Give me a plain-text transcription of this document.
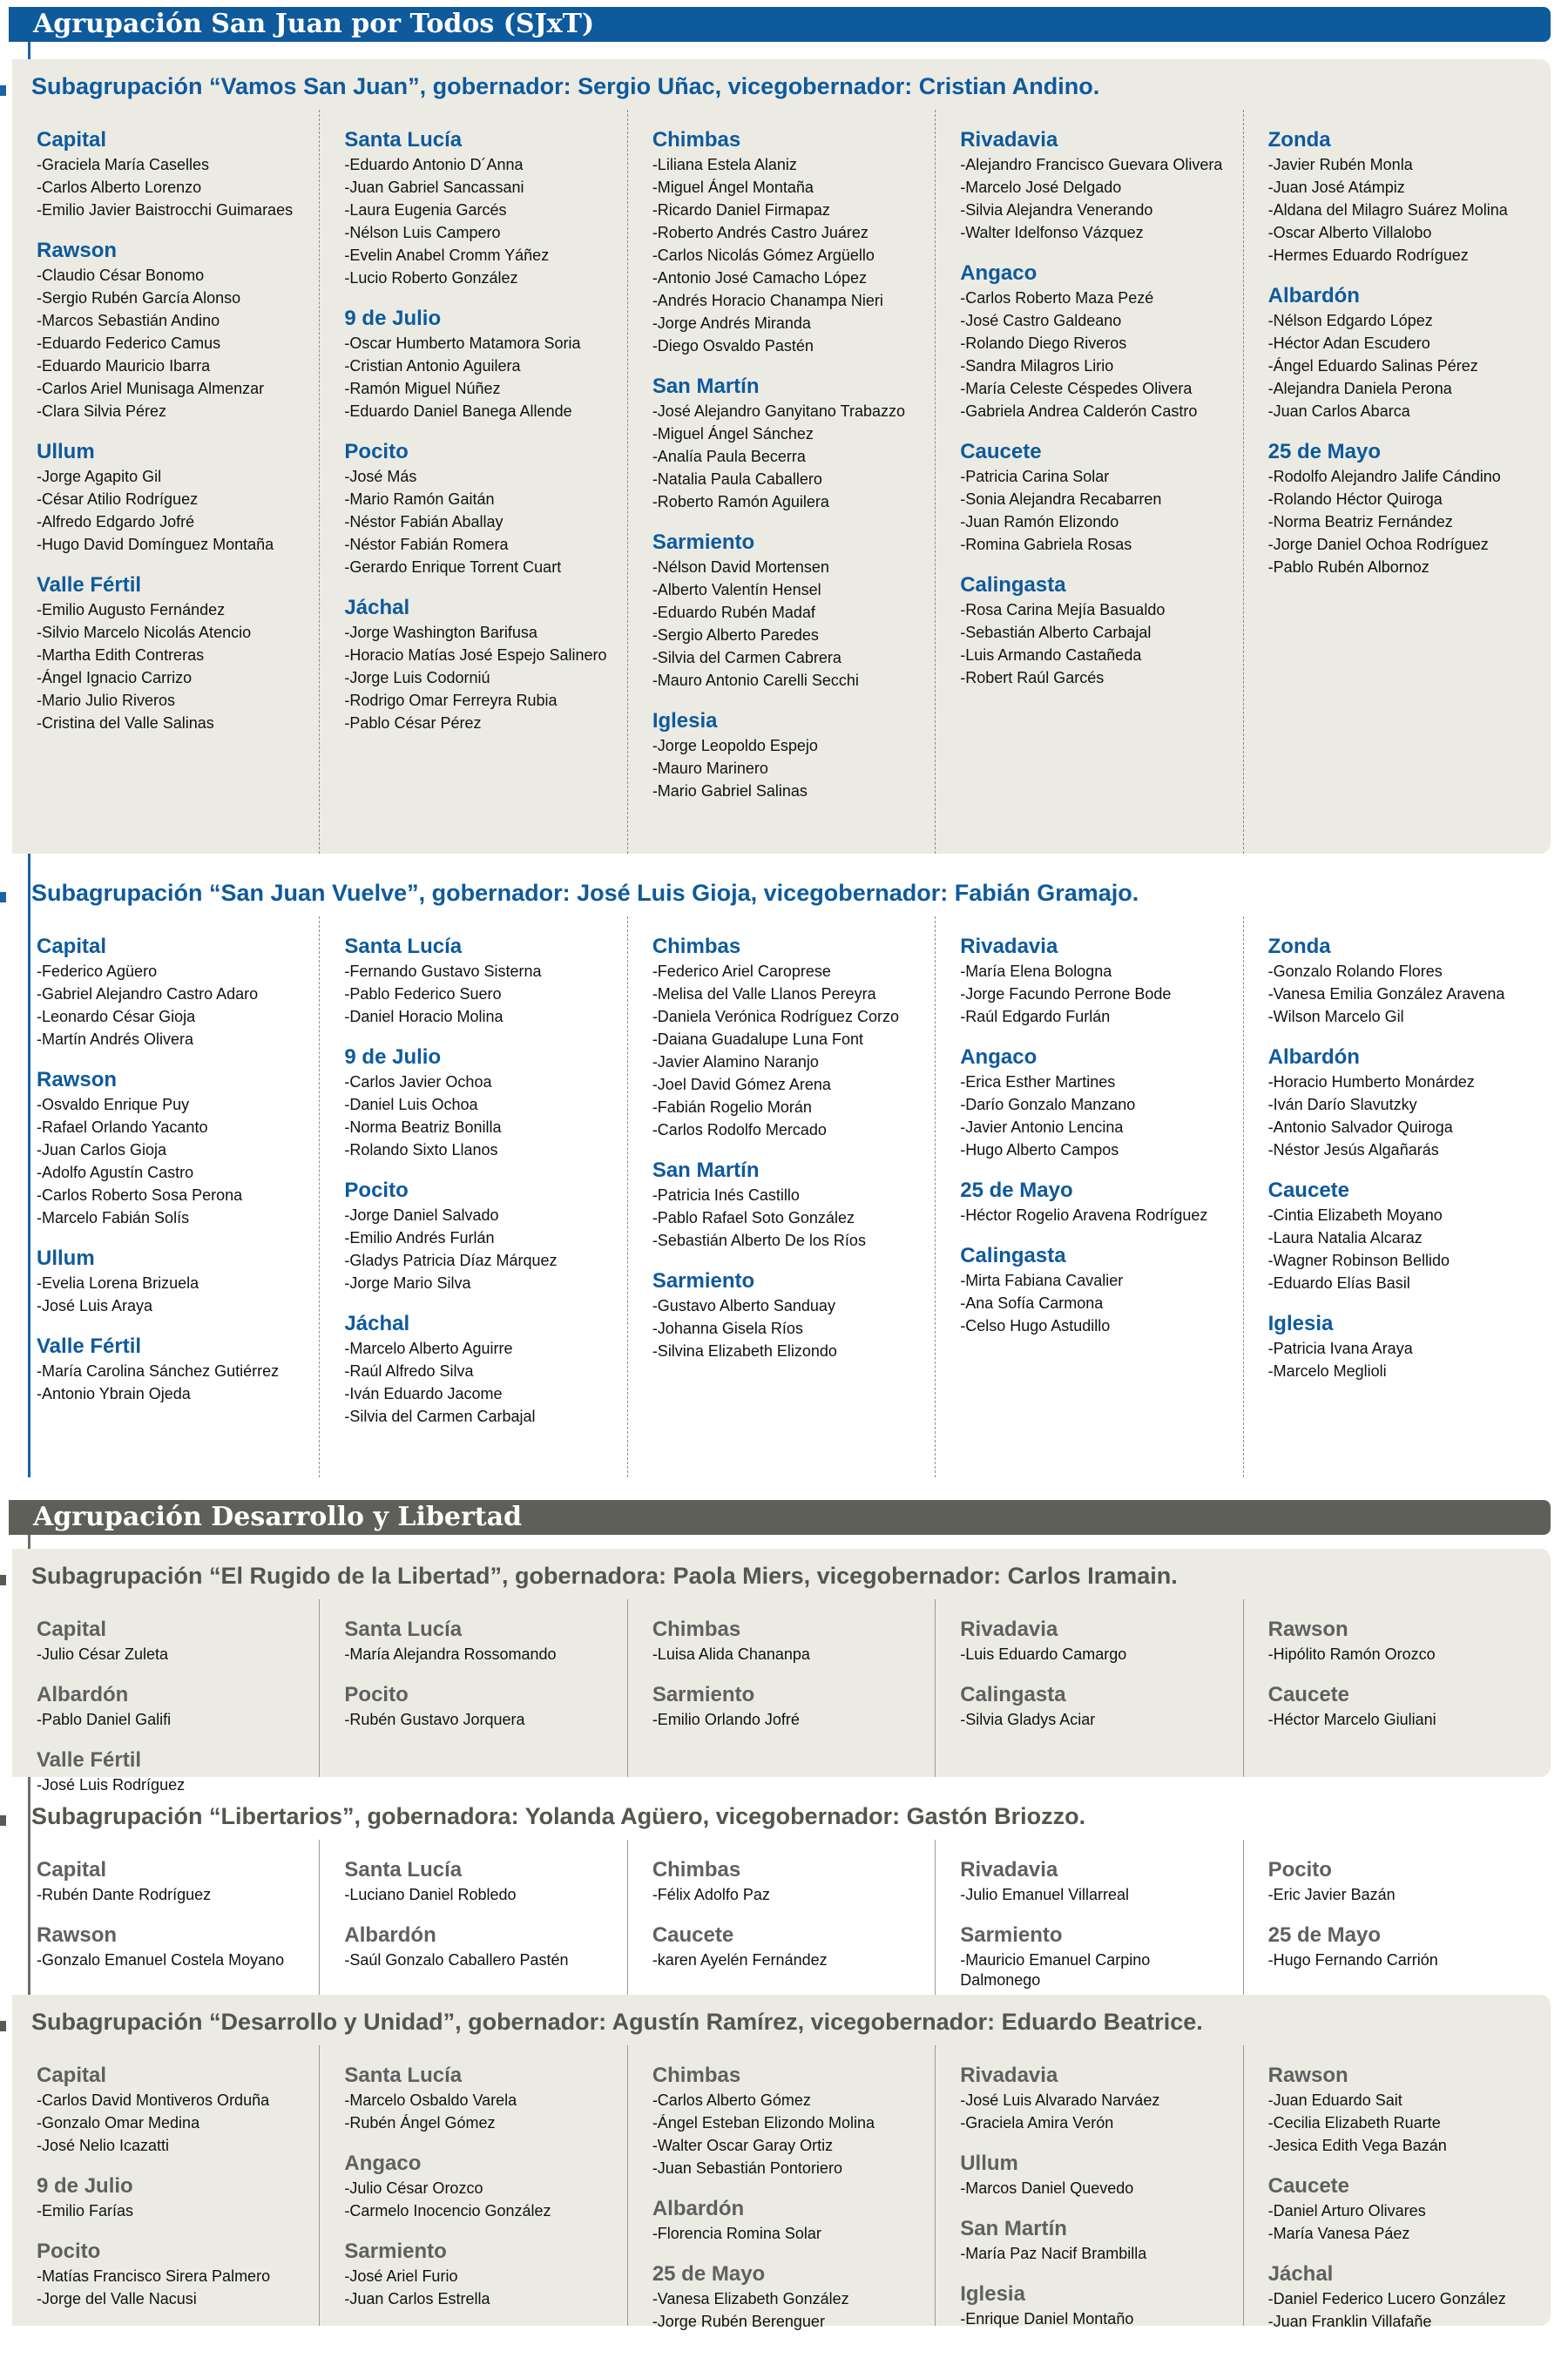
Agrupación San Juan por Todos (SJxT)
Subagrupación “Vamos San Juan”, gobernador: Sergio Uñac, vicegobernador: Cristian Andino.
Capital
-Graciela María Caselles
-Carlos Alberto Lorenzo
-Emilio Javier Baistrocchi Guimaraes
Rawson
-Claudio César Bonomo
-Sergio Rubén García Alonso
-Marcos Sebastián Andino
-Eduardo Federico Camus
-Eduardo Mauricio Ibarra
-Carlos Ariel Munisaga Almenzar
-Clara Silvia Pérez
Ullum
-Jorge Agapito Gil
-César Atilio Rodríguez
-Alfredo Edgardo Jofré
-Hugo David Domínguez Montaña
Valle Fértil
-Emilio Augusto Fernández
-Silvio Marcelo Nicolás Atencio
-Martha Edith Contreras
-Ángel Ignacio Carrizo
-Mario Julio Riveros
-Cristina del Valle Salinas
Santa Lucía
-Eduardo Antonio D´Anna
-Juan Gabriel Sancassani
-Laura Eugenia Garcés
-Nélson Luis Campero
-Evelin Anabel Cromm Yáñez
-Lucio Roberto González
9 de Julio
-Oscar Humberto Matamora Soria
-Cristian Antonio Aguilera
-Ramón Miguel Núñez
-Eduardo Daniel Banega Allende
Pocito
-José Más
-Mario Ramón Gaitán
-Néstor Fabián Aballay
-Néstor Fabián Romera
-Gerardo Enrique Torrent Cuart
Jáchal
-Jorge Washington Barifusa
-Horacio Matías José Espejo Salinero
-Jorge Luis Codorniú
-Rodrigo Omar Ferreyra Rubia
-Pablo César Pérez
Chimbas
-Liliana Estela Alaniz
-Miguel Ángel Montaña
-Ricardo Daniel Firmapaz
-Roberto Andrés Castro Juárez
-Carlos Nicolás Gómez Argüello
-Antonio José Camacho López
-Andrés Horacio Chanampa Nieri
-Jorge Andrés Miranda
-Diego Osvaldo Pastén
San Martín
-José Alejandro Ganyitano Trabazzo
-Miguel Ángel Sánchez
-Analía Paula Becerra
-Natalia Paula Caballero
-Roberto Ramón Aguilera
Sarmiento
-Nélson David Mortensen
-Alberto Valentín Hensel
-Eduardo Rubén Madaf
-Sergio Alberto Paredes
-Silvia del Carmen Cabrera
-Mauro Antonio Carelli Secchi
Iglesia
-Jorge Leopoldo Espejo
-Mauro Marinero
-Mario Gabriel Salinas
Rivadavia
-Alejandro Francisco Guevara Olivera
-Marcelo José Delgado
-Silvia Alejandra Venerando
-Walter Idelfonso Vázquez
Angaco
-Carlos Roberto Maza Pezé
-José Castro Galdeano
-Rolando Diego Riveros
-Sandra Milagros Lirio
-María Celeste Céspedes Olivera
-Gabriela Andrea Calderón Castro
Caucete
-Patricia Carina Solar
-Sonia Alejandra Recabarren
-Juan Ramón Elizondo
-Romina Gabriela Rosas
Calingasta
-Rosa Carina Mejía Basualdo
-Sebastián Alberto Carbajal
-Luis Armando Castañeda
-Robert Raúl Garcés
Zonda
-Javier Rubén Monla
-Juan José Atámpiz
-Aldana del Milagro Suárez Molina
-Oscar Alberto Villalobo
-Hermes Eduardo Rodríguez
Albardón
-Nélson Edgardo López
-Héctor Adan Escudero
-Ángel Eduardo Salinas Pérez
-Alejandra Daniela Perona
-Juan Carlos Abarca
25 de Mayo
-Rodolfo Alejandro Jalife Cándino
-Rolando Héctor Quiroga
-Norma Beatriz Fernández
-Jorge Daniel Ochoa Rodríguez
-Pablo Rubén Albornoz
Subagrupación “San Juan Vuelve”, gobernador: José Luis Gioja, vicegobernador: Fabián Gramajo.
Capital
-Federico Agüero
-Gabriel Alejandro Castro Adaro
-Leonardo César Gioja
-Martín Andrés Olivera
Rawson
-Osvaldo Enrique Puy
-Rafael Orlando Yacanto
-Juan Carlos Gioja
-Adolfo Agustín Castro
-Carlos Roberto Sosa Perona
-Marcelo Fabián Solís
Ullum
-Evelia Lorena Brizuela
-José Luis Araya
Valle Fértil
-María Carolina Sánchez Gutiérrez
-Antonio Ybrain Ojeda
Santa Lucía
-Fernando Gustavo Sisterna
-Pablo Federico Suero
-Daniel Horacio Molina
9 de Julio
-Carlos Javier Ochoa
-Daniel Luis Ochoa
-Norma Beatriz Bonilla
-Rolando Sixto Llanos
Pocito
-Jorge Daniel Salvado
-Emilio Andrés Furlán
-Gladys Patricia Díaz Márquez
-Jorge Mario Silva
Jáchal
-Marcelo Alberto Aguirre
-Raúl Alfredo Silva
-Iván Eduardo Jacome
-Silvia del Carmen Carbajal
Chimbas
-Federico Ariel Caroprese
-Melisa del Valle Llanos Pereyra
-Daniela Verónica Rodríguez Corzo
-Daiana Guadalupe Luna Font
-Javier Alamino Naranjo
-Joel David Gómez Arena
-Fabián Rogelio Morán
-Carlos Rodolfo Mercado
San Martín
-Patricia Inés Castillo
-Pablo Rafael Soto González
-Sebastián Alberto De los Ríos
Sarmiento
-Gustavo Alberto Sanduay
-Johanna Gisela Ríos
-Silvina Elizabeth Elizondo
Rivadavia
-María Elena Bologna
-Jorge Facundo Perrone Bode
-Raúl Edgardo Furlán
Angaco
-Erica Esther Martines
-Darío Gonzalo Manzano
-Javier Antonio Lencina
-Hugo Alberto Campos
25 de Mayo
-Héctor Rogelio Aravena Rodríguez
Calingasta
-Mirta Fabiana Cavalier
-Ana Sofía Carmona
-Celso Hugo Astudillo
Zonda
-Gonzalo Rolando Flores
-Vanesa Emilia González Aravena
-Wilson Marcelo Gil
Albardón
-Horacio Humberto Monárdez
-Iván Darío Slavutzky
-Antonio Salvador Quiroga
-Néstor Jesús Algañarás
Caucete
-Cintia Elizabeth Moyano
-Laura Natalia Alcaraz
-Wagner Robinson Bellido
-Eduardo Elías Basil
Iglesia
-Patricia Ivana Araya
-Marcelo Meglioli
Agrupación Desarrollo y Libertad
Subagrupación “El Rugido de la Libertad”, gobernadora: Paola Miers, vicegobernador: Carlos Iramain.
Capital
-Julio César Zuleta
Albardón
-Pablo Daniel Galifi
Valle Fértil
-José Luis Rodríguez
Santa Lucía
-María Alejandra Rossomando
Pocito
-Rubén Gustavo Jorquera
Chimbas
-Luisa Alida Chananpa
Sarmiento
-Emilio Orlando Jofré
Rivadavia
-Luis Eduardo Camargo
Calingasta
-Silvia Gladys Aciar
Rawson
-Hipólito Ramón Orozco
Caucete
-Héctor Marcelo Giuliani
Subagrupación “Libertarios”, gobernadora: Yolanda Agüero, vicegobernador: Gastón Briozzo.
Capital
-Rubén Dante Rodríguez
Rawson
-Gonzalo Emanuel Costela Moyano
Santa Lucía
-Luciano Daniel Robledo
Albardón
-Saúl Gonzalo Caballero Pastén
Chimbas
-Félix Adolfo Paz
Caucete
-karen Ayelén Fernández
Rivadavia
-Julio Emanuel Villarreal
Sarmiento
-Mauricio Emanuel Carpino Dalmonego
Pocito
-Eric Javier Bazán
25 de Mayo
-Hugo Fernando Carrión
Subagrupación “Desarrollo y Unidad”, gobernador: Agustín Ramírez, vicegobernador: Eduardo Beatrice.
Capital
-Carlos David Montiveros Orduña
-Gonzalo Omar Medina
-José Nelio Icazatti
9 de Julio
-Emilio Farías
Pocito
-Matías Francisco Sirera Palmero
-Jorge del Valle Nacusi
Santa Lucía
-Marcelo Osbaldo Varela
-Rubén Ángel Gómez
Angaco
-Julio César Orozco
-Carmelo Inocencio González
Sarmiento
-José Ariel Furio
-Juan Carlos Estrella
Chimbas
-Carlos Alberto Gómez
-Ángel Esteban Elizondo Molina
-Walter Oscar Garay Ortiz
-Juan Sebastián Pontoriero
Albardón
-Florencia Romina Solar
25 de Mayo
-Vanesa Elizabeth González
-Jorge Rubén Berenguer
Rivadavia
-José Luis Alvarado Narváez
-Graciela Amira Verón
Ullum
-Marcos Daniel Quevedo
San Martín
-María Paz Nacif Brambilla
Iglesia
-Enrique Daniel Montaño
Rawson
-Juan Eduardo Sait
-Cecilia Elizabeth Ruarte
-Jesica Edith Vega Bazán
Caucete
-Daniel Arturo Olivares
-María Vanesa Páez
Jáchal
-Daniel Federico Lucero González
-Juan Franklin Villafañe
